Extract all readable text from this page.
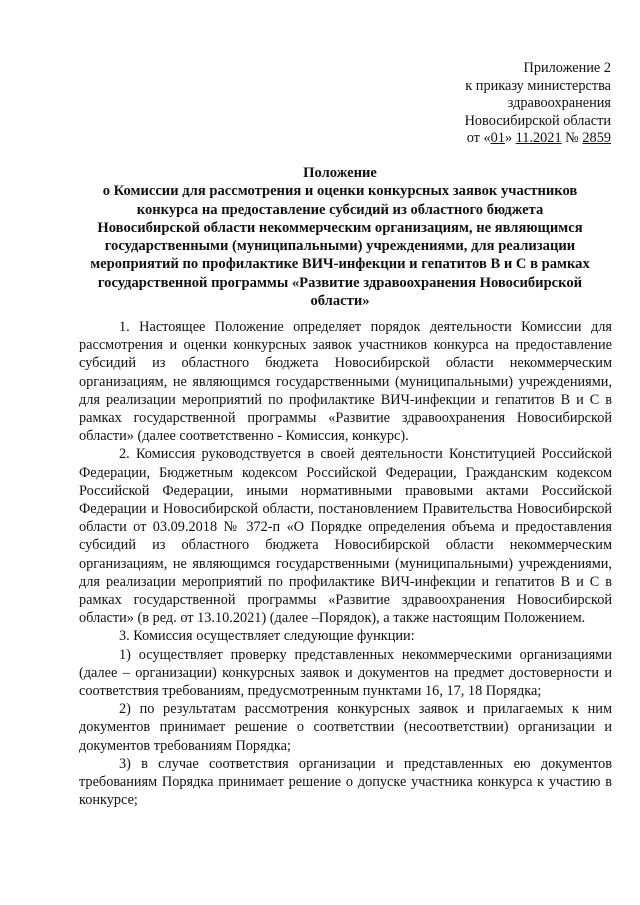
Приложение 2
к приказу министерства
здравоохранения
Новосибирской области
от «01» 11.2021 № 2859
Положение
о Комиссии для рассмотрения и оценки конкурсных заявок участников
конкурса на предоставление субсидий из областного бюджета
Новосибирской области некоммерческим организациям, не являющимся
государственными (муниципальными) учреждениями, для реализации
мероприятий по профилактике ВИЧ-инфекции и гепатитов В и С в рамках
государственной программы «Развитие здравоохранения Новосибирской
области»
1. Настоящее Положение определяет порядок деятельности Комиссии для рассмотрения и оценки конкурсных заявок участников конкурса на предоставление субсидий из областного бюджета Новосибирской области некоммерческим организациям, не являющимся государственными (муниципальными) учреждениями, для реализации мероприятий по профилактике ВИЧ-инфекции и гепатитов В и С в рамках государственной программы «Развитие здравоохранения Новосибирской области» (далее соответственно - Комиссия, конкурс).
2. Комиссия руководствуется в своей деятельности Конституцией Российской Федерации, Бюджетным кодексом Российской Федерации, Гражданским кодексом Российской Федерации, иными нормативными правовыми актами Российской Федерации и Новосибирской области, постановлением Правительства Новосибирской области от 03.09.2018 № 372-п «О Порядке определения объема и предоставления субсидий из областного бюджета Новосибирской области некоммерческим организациям, не являющимся государственными (муниципальными) учреждениями, для реализации мероприятий по профилактике ВИЧ-инфекции и гепатитов В и С в рамках государственной программы «Развитие здравоохранения Новосибирской области» (в ред. от 13.10.2021) (далее –Порядок), а также настоящим Положением.
3. Комиссия осуществляет следующие функции:
1) осуществляет проверку представленных некоммерческими организациями (далее – организации) конкурсных заявок и документов на предмет достоверности и соответствия требованиям, предусмотренным пунктами 16, 17, 18 Порядка;
2) по результатам рассмотрения конкурсных заявок и прилагаемых к ним документов принимает решение о соответствии (несоответствии) организации и документов требованиям Порядка;
3) в случае соответствия организации и представленных ею документов требованиям Порядка принимает решение о допуске участника конкурса к участию в конкурсе;
